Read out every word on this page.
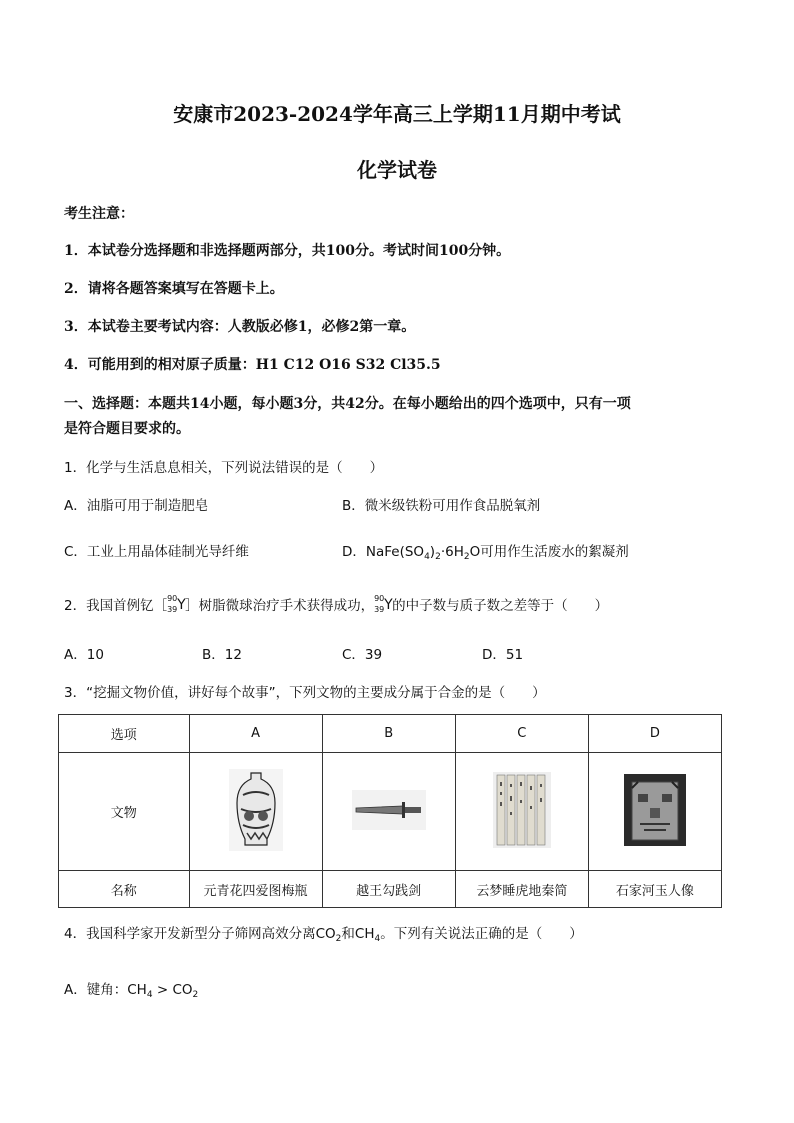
安康市2023-2024学年高三上学期11月期中考试
化学试卷
考生注意：
1．本试卷分选择题和非选择题两部分，共100分。考试时间100分钟。
2．请将各题答案填写在答题卡上。
3．本试卷主要考试内容：人教版必修1，必修2第一章。
4．可能用到的相对原子质量：H1 C12 O16 S32 Cl35.5
一、选择题：本题共14小题，每小题3分，共42分。在每小题给出的四个选项中，只有一项
是符合题目要求的。
1．化学与生活息息相关，下列说法错误的是（　　）
A．油脂可用于制造肥皂	B．微米级铁粉可用作食品脱氧剂
C．工业上用晶体硅制光导纤维	D．$NaFe(SO_4)_2\cdot 6H_2O$可用作生活废水的絮凝剂
2．我国首例钇［ 90
39 Y ］树脂微球治疗手术获得成功， 90
39 Y 的中子数与质子数之差等于（　　）
A．10	B．12	C．39	D．51
3．“挖掘文物价值，讲好每个故事”，下列文物的主要成分属于合金的是（　　）
选项	A	B	C	D
文物				
名称	元青花四爱图梅瓶	越王勾践剑	云梦睡虎地秦简	石家河玉人像
4．我国科学家开发新型分子筛网高效分离$CO_2$和$CH_4$。下列有关说法正确的是（　　）
A．键角：$CH_4 > CO_2$
